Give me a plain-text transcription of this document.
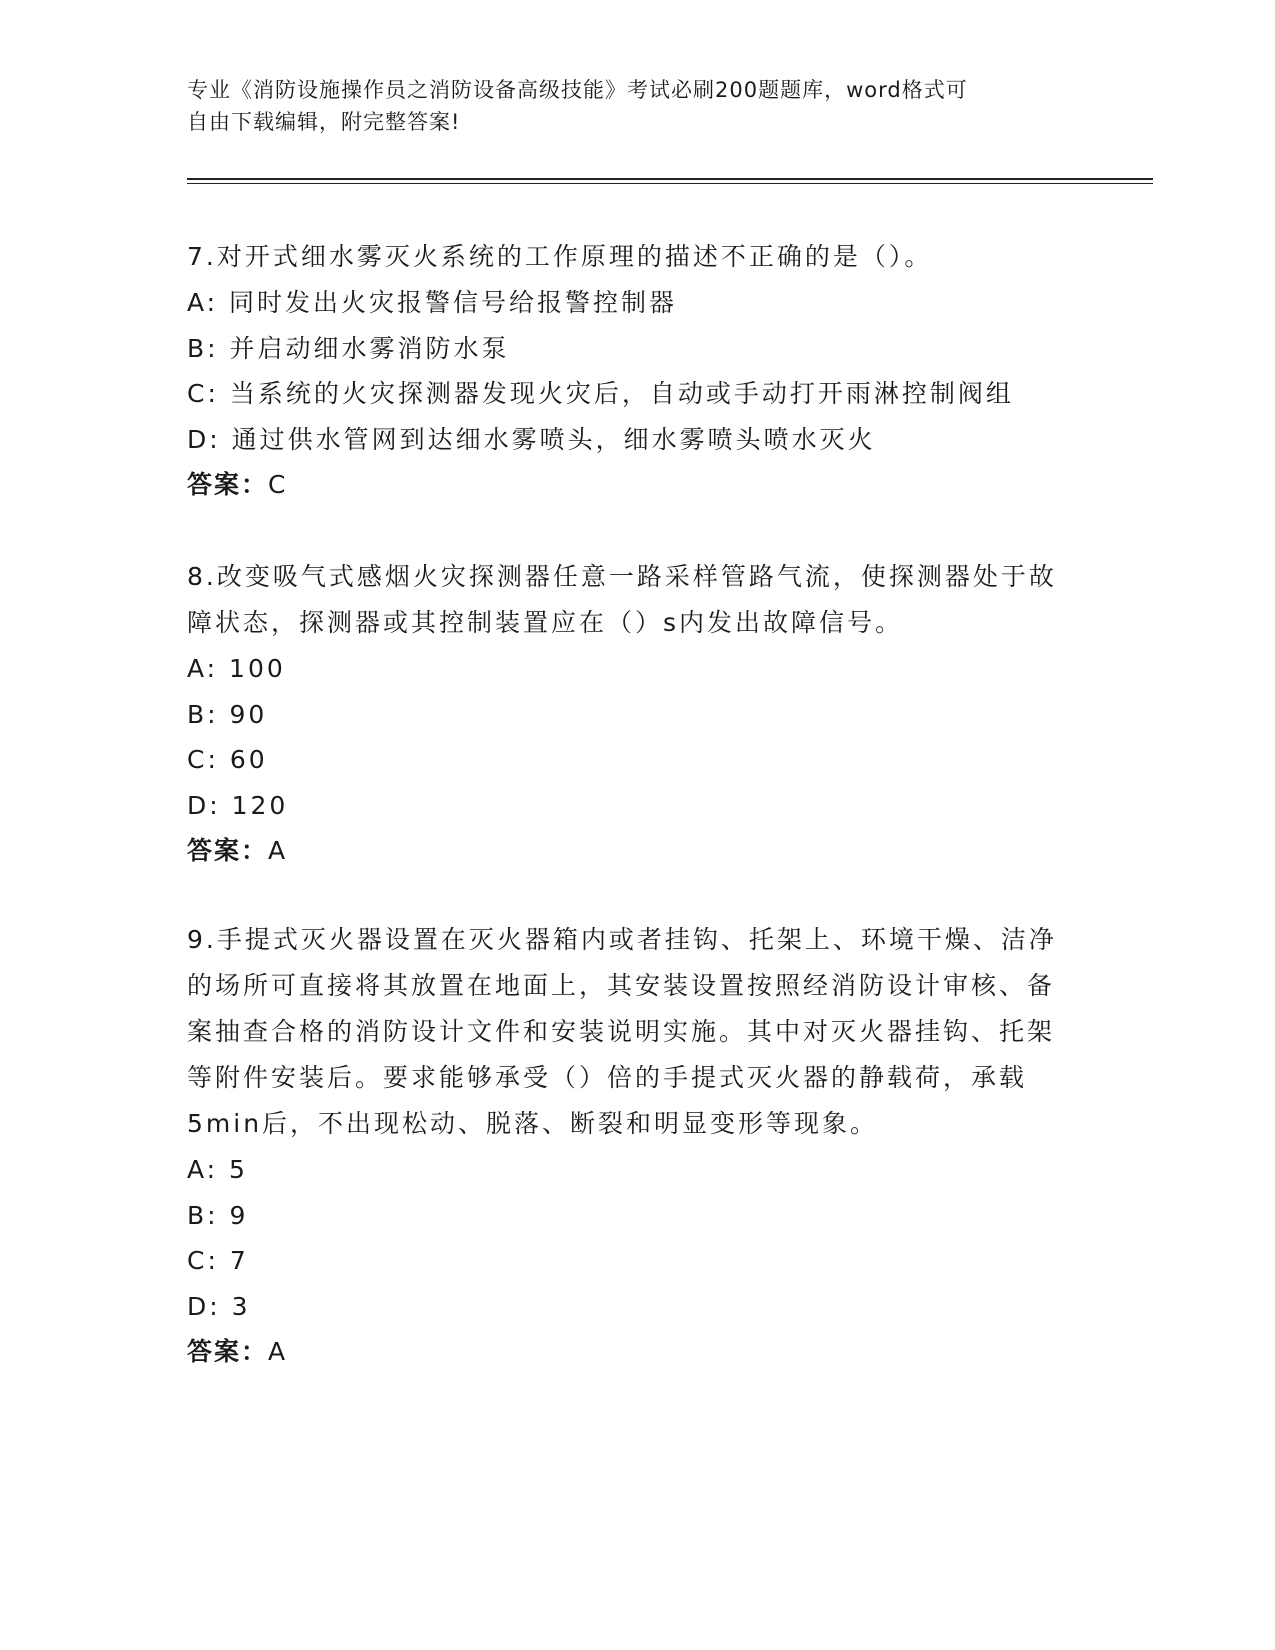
专业《消防设施操作员之消防设备高级技能》考试必刷200题题库，word格式可
自由下载编辑，附完整答案!
7.对开式细水雾灭火系统的工作原理的描述不正确的是（）。
A: 同时发出火灾报警信号给报警控制器
B: 并启动细水雾消防水泵
C: 当系统的火灾探测器发现火灾后，自动或手动打开雨淋控制阀组
D: 通过供水管网到达细水雾喷头，细水雾喷头喷水灭火
答案：C
8.改变吸气式感烟火灾探测器任意一路采样管路气流，使探测器处于故障状态，探测器或其控制装置应在（）s内发出故障信号。
A: 100
B: 90
C: 60
D: 120
答案：A
9.手提式灭火器设置在灭火器箱内或者挂钩、托架上、环境干燥、洁净的场所可直接将其放置在地面上，其安装设置按照经消防设计审核、备案抽查合格的消防设计文件和安装说明实施。其中对灭火器挂钩、托架等附件安装后。要求能够承受（）倍的手提式灭火器的静载荷，承载5min后，不出现松动、脱落、断裂和明显变形等现象。
A: 5
B: 9
C: 7
D: 3
答案：A
